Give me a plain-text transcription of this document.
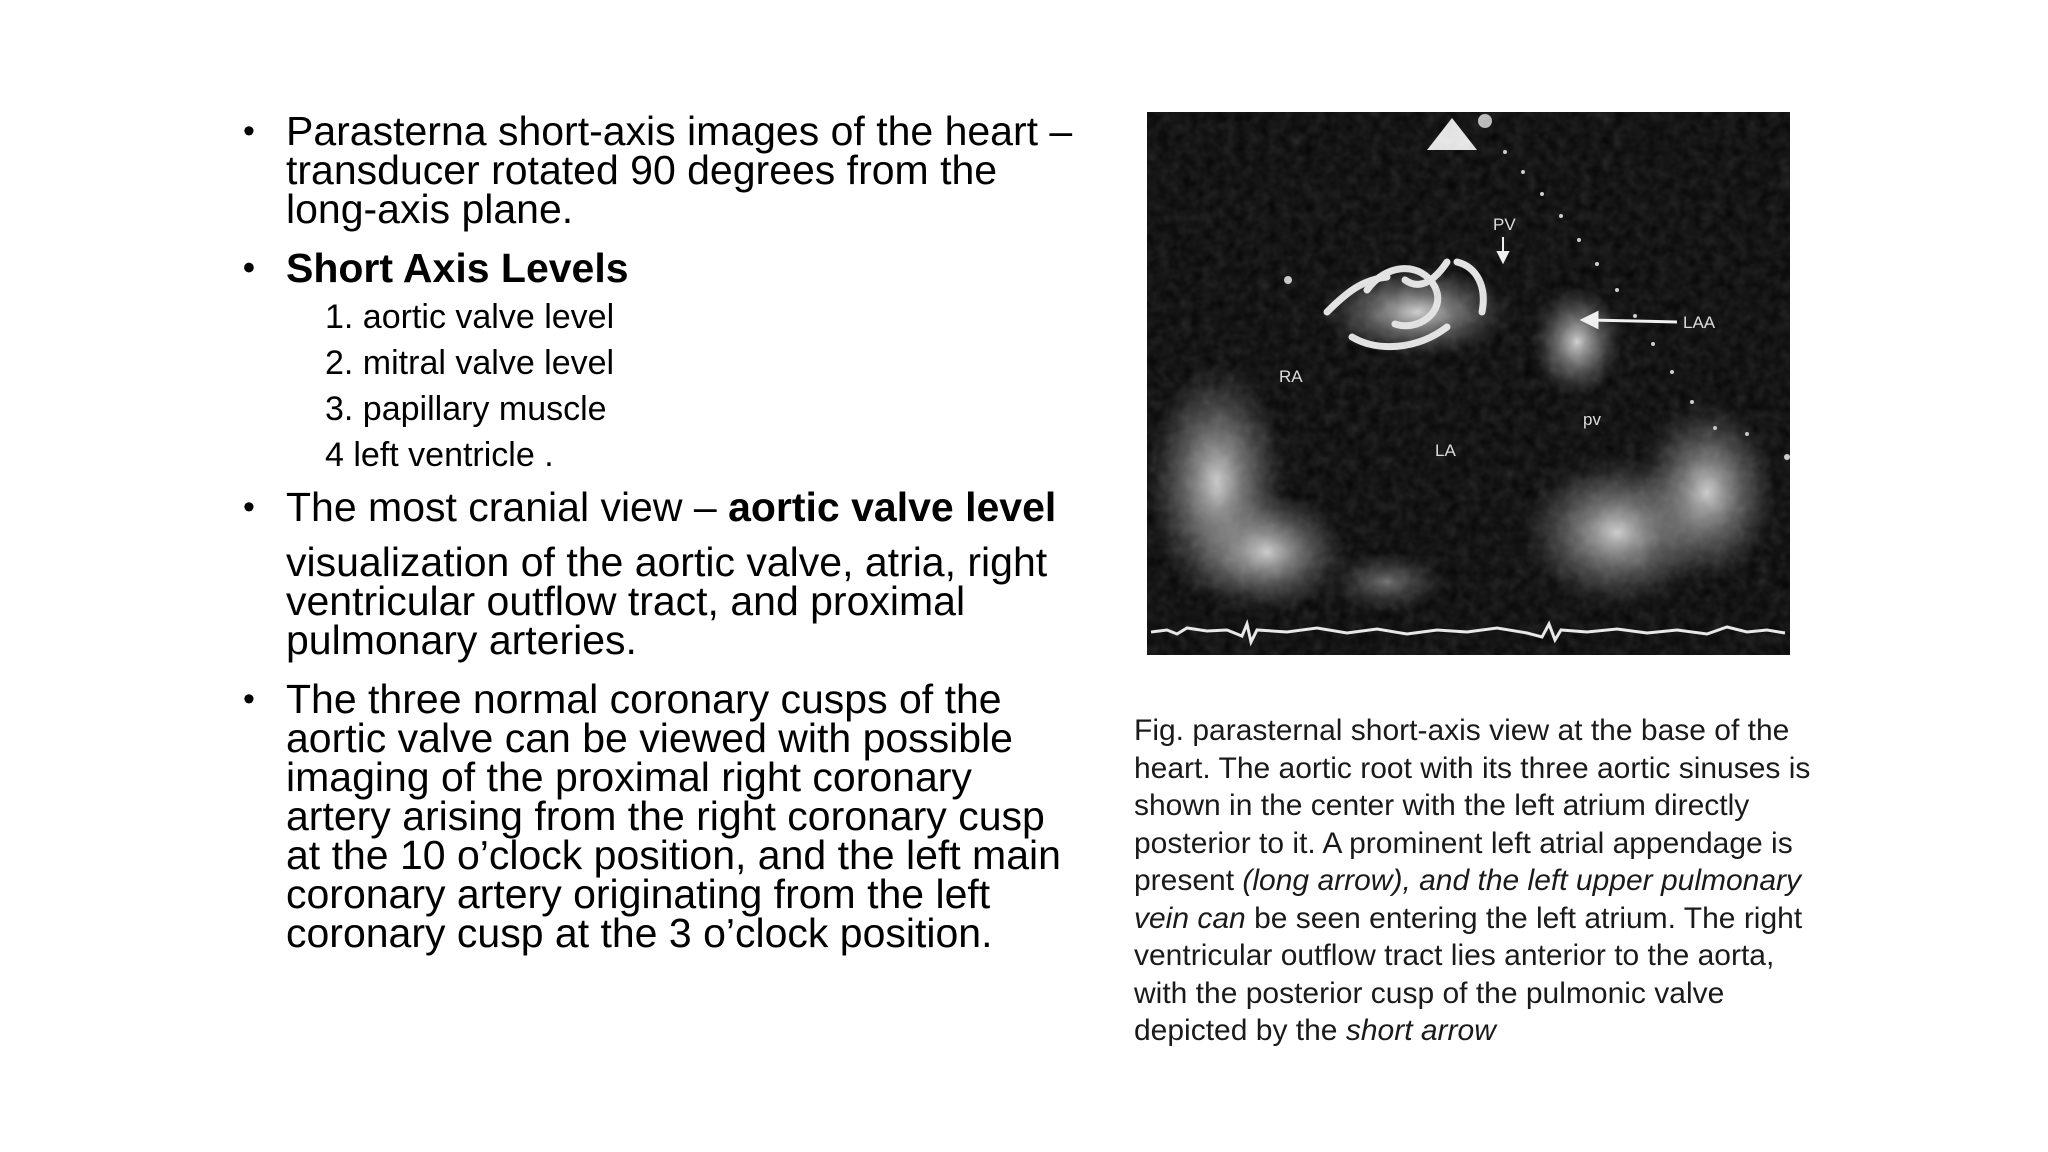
• Parasterna short-axis images of the heart – transducer rotated 90 degrees from the long-axis plane.
• Short Axis Levels
1. aortic valve level
2. mitral valve level
3. papillary muscle
4 left ventricle .
• The most cranial view – aortic valve level
visualization of the aortic valve, atria, right ventricular outflow tract, and proximal pulmonary arteries.
• The three normal coronary cusps of the aortic valve can be viewed with possible imaging of the proximal right coronary artery arising from the right coronary cusp at the 10 o’clock position, and the left main coronary artery originating from the left coronary cusp at the 3 o’clock position.
PV
LAA
RA
LA
pv
Fig. parasternal short-axis view at the base of the heart. The aortic root with its three aortic sinuses is shown in the center with the left atrium directly posterior to it. A prominent left atrial appendage is present (long arrow), and the left upper pulmonary vein can be seen entering the left atrium. The right ventricular outflow tract lies anterior to the aorta, with the posterior cusp of the pulmonic valve depicted by the short arrow
